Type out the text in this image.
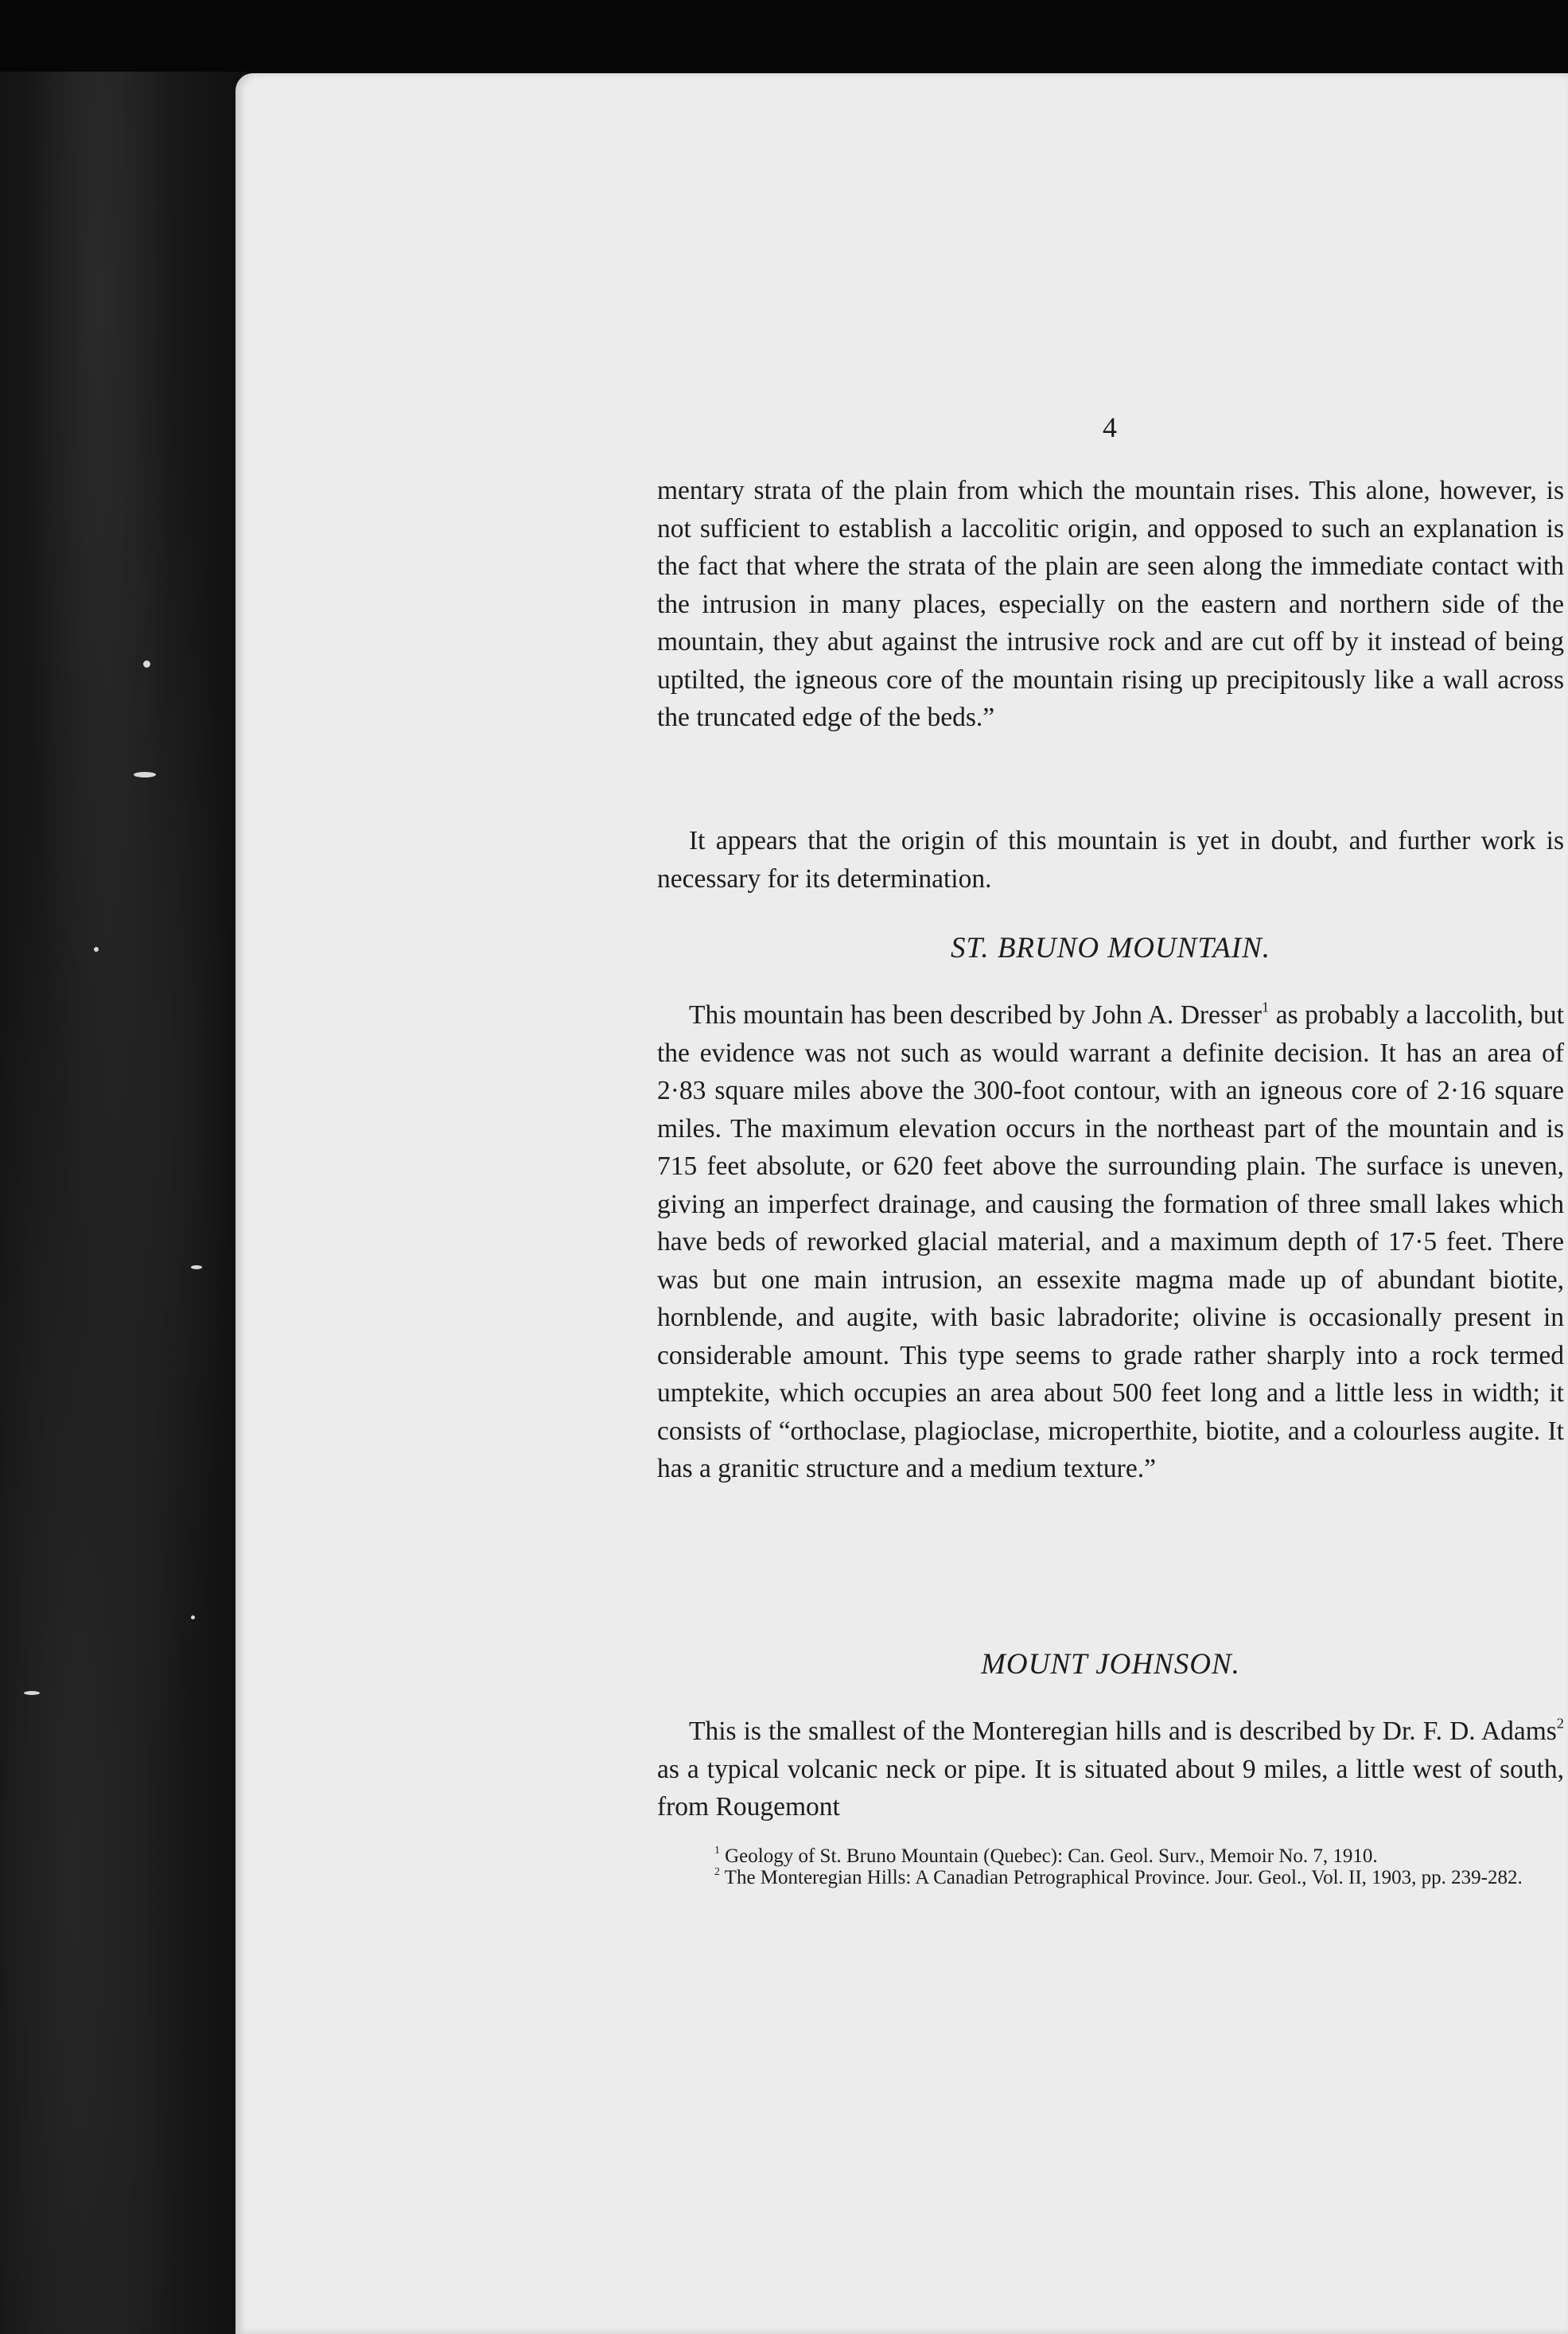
4

mentary strata of the plain from which the mountain rises. This alone, however, is not sufficient to establish a laccolitic origin, and opposed to such an explanation is the fact that where the strata of the plain are seen along the immediate contact with the intrusion in many places, especially on the eastern and northern side of the mountain, they abut against the intrusive rock and are cut off by it instead of being uptilted, the igneous core of the mountain rising up precipitously like a wall across the truncated edge of the beds.”

It appears that the origin of this mountain is yet in doubt, and further work is necessary for its determination.

ST. BRUNO MOUNTAIN.

This mountain has been described by John A. Dresser$^1$ as probably a laccolith, but the evidence was not such as would warrant a definite decision. It has an area of 2·83 square miles above the 300-foot contour, with an igneous core of 2·16 square miles. The maximum elevation occurs in the northeast part of the mountain and is 715 feet absolute, or 620 feet above the surrounding plain. The surface is uneven, giving an imperfect drainage, and causing the formation of three small lakes which have beds of reworked glacial material, and a maximum depth of 17·5 feet. There was but one main intrusion, an essexite magma made up of abundant biotite, hornblende, and augite, with basic labradorite; olivine is occasionally present in considerable amount. This type seems to grade rather sharply into a rock termed umptekite, which occupies an area about 500 feet long and a little less in width; it consists of “orthoclase, plagioclase, microperthite, biotite, and a colourless augite. It has a granitic structure and a medium texture.”

MOUNT JOHNSON.

This is the smallest of the Monteregian hills and is described by Dr. F. D. Adams$^2$ as a typical volcanic neck or pipe. It is situated about 9 miles, a little west of south, from Rougemont

$^1$ Geology of St. Bruno Mountain (Quebec): Can. Geol. Surv., Memoir No. 7, 1910.

$^2$ The Monteregian Hills: A Canadian Petrographical Province. Jour. Geol., Vol. II, 1903, pp. 239-282.
